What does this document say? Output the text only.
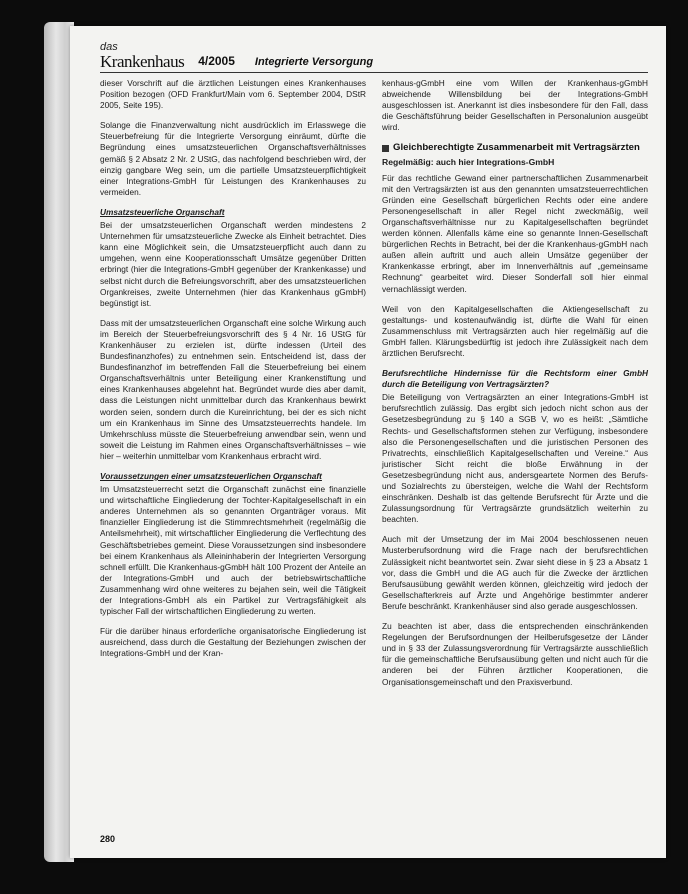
das
Krankenhaus 4/2005 Integrierte Versorgung

dieser Vorschrift auf die ärztlichen Leistungen eines Krankenhauses Position bezogen (OFD Frankfurt/Main vom 6. September 2004, DStR 2005, Seite 195).

Solange die Finanzverwaltung nicht ausdrücklich im Erlasswege die Steuerbefreiung für die Integrierte Versorgung einräumt, dürfte die Begründung eines umsatzsteuerlichen Organschaftsverhältnisses gemäß § 2 Absatz 2 Nr. 2 UStG, das nachfolgend beschrieben wird, der einzig gangbare Weg sein, um die partielle Umsatzsteuerpflichtigkeit einer Integrations-GmbH für Leistungen des Krankenhauses zu vermeiden.

Umsatzsteuerliche Organschaft

Bei der umsatzsteuerlichen Organschaft werden mindestens 2 Unternehmen für umsatzsteuerliche Zwecke als Einheit betrachtet. Dies kann eine Möglichkeit sein, die Umsatzsteuerpflicht auch dann zu umgehen, wenn eine Kooperationsschaft Umsätze gegenüber Dritten erbringt (hier die Integrations-GmbH gegenüber der Krankenkasse) und selbst nicht durch die Befreiungsvorschrift, aber des umsatzsteuerlichen Organkreises, zweite Unternehmen (hier das Krankenhaus gGmbH) begünstigt ist.

Dass mit der umsatzsteuerlichen Organschaft eine solche Wirkung auch im Bereich der Steuerbefreiungsvorschrift des § 4 Nr. 16 UStG für Krankenhäuser zu erzielen ist, dürfte indessen (Urteil des Bundesfinanzhofes) zu entnehmen sein. Entscheidend ist, dass der Bundesfinanzhof im betreffenden Fall die Steuerbefreiung bei einem Organschaftsverhältnis unter Beteiligung einer Krankenstiftung und eines Krankenhauses abgelehnt hat. Begründet wurde dies aber damit, dass die Leistungen nicht unmittelbar durch das Krankenhaus bewirkt worden seien, sondern durch die Kureinrichtung, bei der es sich nicht um ein Krankenhaus im Sinne des Umsatzsteuerrechts handele. Im Umkehrschluss müsste die Steuerbefreiung anwendbar sein, wenn und soweit die Leistung im Rahmen eines Organschaftsverhältnisses – wie hier – weiterhin unmittelbar vom Krankenhaus erbracht wird.

Voraussetzungen einer umsatzsteuerlichen Organschaft

Im Umsatzsteuerrecht setzt die Organschaft zunächst eine finanzielle und wirtschaftliche Eingliederung der Tochter-Kapitalgesellschaft in ein anderes Unternehmen als so genannten Organträger voraus. Mit finanzieller Eingliederung ist die Stimmrechtsmehrheit (regelmäßig die Anteilsmehrheit), mit wirtschaftlicher Eingliederung die Verflechtung des Geschäftsbetriebes gemeint. Diese Voraussetzungen sind insbesondere bei einem Krankenhaus als Alleininhaberin der Integrierten Versorgung schnell erfüllt. Die Krankenhaus-gGmbH hält 100 Prozent der Anteile an der Integrations-GmbH und auch der betriebswirtschaftliche Zusammenhang wird ohne weiteres zu bejahen sein, weil die Tätigkeit der Integrations-GmbH als ein Partikel zur Vertragsfähigkeit als typischer Fall der wirtschaftlichen Eingliederung zu werten.

Für die darüber hinaus erforderliche organisatorische Eingliederung ist ausreichend, dass durch die Gestaltung der Beziehungen zwischen der Integrations-GmbH und der Kran-

kenhaus-gGmbH eine vom Willen der Krankenhaus-gGmbH abweichende Willensbildung bei der Integrations-GmbH ausgeschlossen ist. Anerkannt ist dies insbesondere für den Fall, dass die Geschäftsführung beider Gesellschaften in Personalunion ausgeübt wird.

Gleichberechtigte Zusammenarbeit mit Vertragsärzten
Regelmäßig: auch hier Integrations-GmbH

Für das rechtliche Gewand einer partnerschaftlichen Zusammenarbeit mit den Vertragsärzten ist aus den genannten umsatzsteuerrechtlichen Gründen eine Gesellschaft bürgerlichen Rechts oder eine andere Personengesellschaft in aller Regel nicht zweckmäßig, weil Organschaftsverhältnisse nur zu Kapitalgesellschaften begründet werden können. Allenfalls käme eine so genannte Innen-Gesellschaft bürgerlichen Rechts in Betracht, bei der die Krankenhaus-gGmbH nach außen allein auftritt und auch allein Umsätze gegenüber der Krankenkasse erbringt, aber im Innenverhältnis auf „gemeinsame Rechnung“ gearbeitet wird. Dieser Sonderfall soll hier einmal vernachlässigt werden.

Weil von den Kapitalgesellschaften die Aktiengesellschaft zu gestaltungs- und kostenaufwändig ist, dürfte die Wahl für einen Zusammenschluss mit Vertragsärzten auch hier regelmäßig auf die GmbH fallen. Klärungsbedürftig ist jedoch ihre Zulässigkeit nach dem ärztlichen Berufsrecht.

Berufsrechtliche Hindernisse für die Rechtsform einer GmbH durch die Beteiligung von Vertragsärzten?

Die Beteiligung von Vertragsärzten an einer Integrations-GmbH ist berufsrechtlich zulässig. Das ergibt sich jedoch nicht schon aus der Gesetzesbegründung zu § 140 a SGB V, wo es heißt: „Sämtliche Rechts- und Gesellschaftsformen stehen zur Verfügung, insbesondere also die Personengesellschaften und die juristischen Personen des Privatrechts, einschließlich Kapitalgesellschaften und Vereine.“ Aus juristischer Sicht reicht die bloße Erwähnung in der Gesetzesbegründung nicht aus, andersgeartete Normen des Berufs- und Sozialrechts zu übersteigen, welche die Wahl der Rechtsform einschränken. Deshalb ist das geltende Berufsrecht für Ärzte und die Zulassungsordnung für Vertragsärzte grundsätzlich weiterhin zu beachten.

Auch mit der Umsetzung der im Mai 2004 beschlossenen neuen Musterberufsordnung wird die Frage nach der berufsrechtlichen Zulässigkeit nicht beantwortet sein. Zwar sieht diese in § 23 a Absatz 1 vor, dass die GmbH und die AG auch für die Zwecke der ärztlichen Berufsausübung gewählt werden können, gleichzeitig wird jedoch der Gesellschafterkreis auf Ärzte und Angehörige bestimmter anderer Berufe beschränkt. Krankenhäuser sind also gerade ausgeschlossen.

Zu beachten ist aber, dass die entsprechenden einschränkenden Regelungen der Berufsordnungen der Heilberufsgesetze der Länder und in § 33 der Zulassungsverordnung für Vertragsärzte ausschließlich für die gemeinschaftliche Berufsausübung gelten und nicht auch für die anderen bei der Führen ärztlicher Kooperationen, die Organisationsgemeinschaft und den Praxisverbund.

280
